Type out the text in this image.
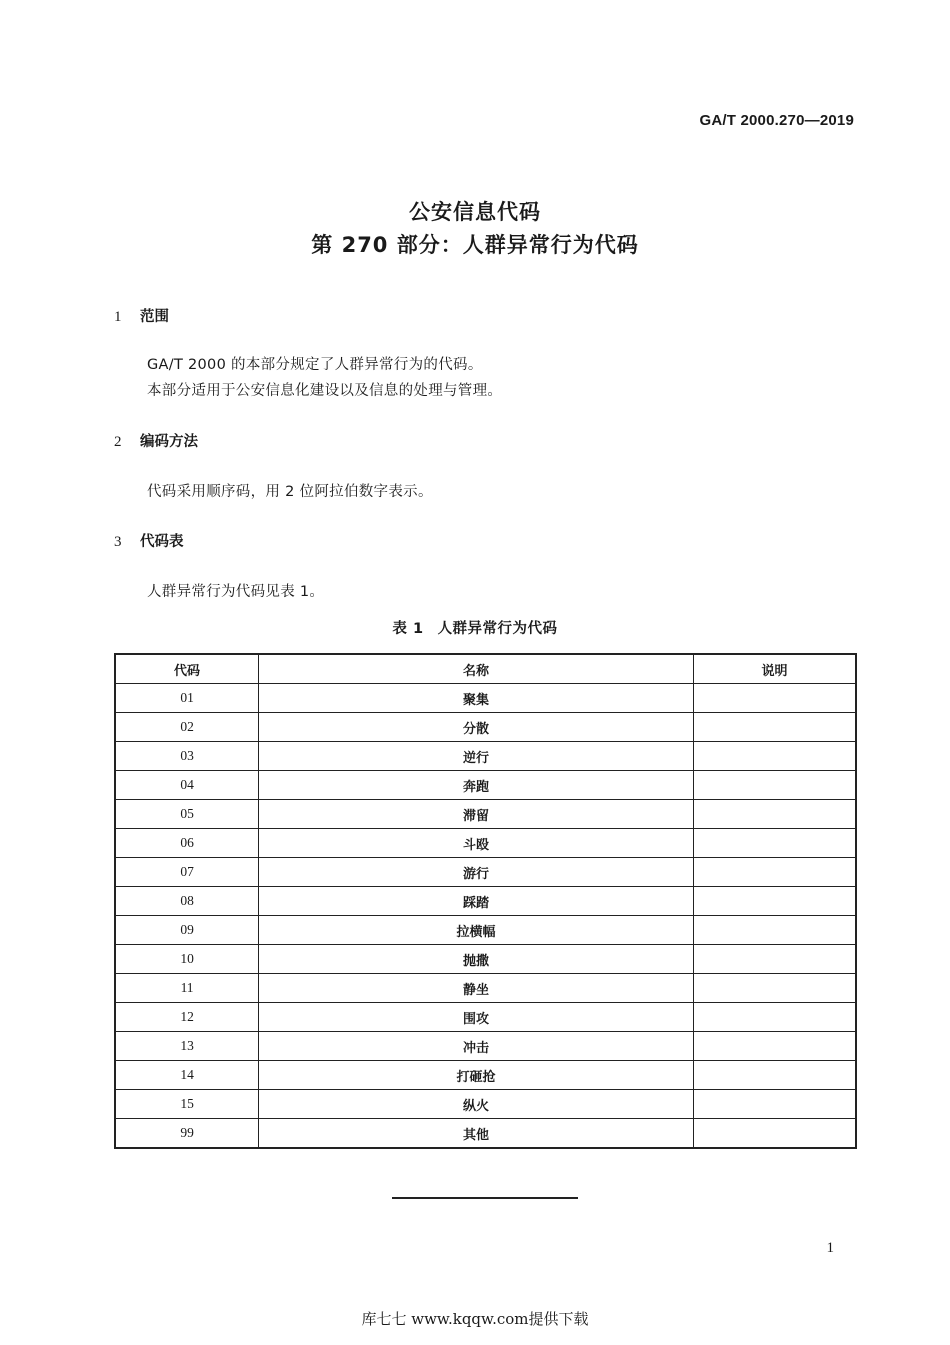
GA/T 2000.270—2019
公安信息代码
第 270 部分：人群异常行为代码
1 范围
GA/T 2000 的本部分规定了人群异常行为的代码。
本部分适用于公安信息化建设以及信息的处理与管理。
2 编码方法
代码采用顺序码，用 2 位阿拉伯数字表示。
3 代码表
人群异常行为代码见表 1。
表 1 人群异常行为代码
代码	名称	说明
01	聚集	
02	分散	
03	逆行	
04	奔跑	
05	滞留	
06	斗殴	
07	游行	
08	踩踏	
09	拉横幅	
10	抛撒	
11	静坐	
12	围攻	
13	冲击	
14	打砸抢	
15	纵火	
99	其他	
1
库七七 www.kqqw.com提供下载
